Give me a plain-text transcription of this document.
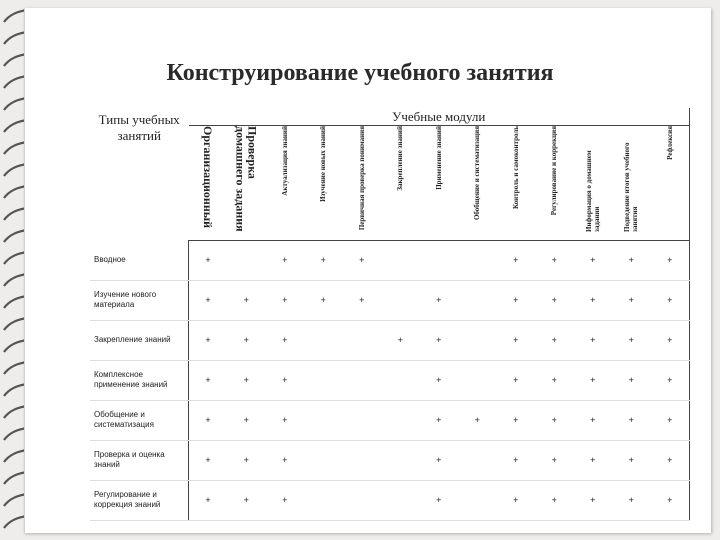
Конструирование учебного занятия
Типы учебных занятий	Учебные модули												

	Организационный	Проверка домашнего задания	Актуализация знаний	Изучение новых знаний	Первичная проверка понимания	Закрепление знаний	Применение знаний	Обобщение и систематизация	Контроль и самоконтроль	Регулирование и коррекция	Информация о домашнем задании	Подведение итогов учебного занятия	Рефлексия

Вводное	+		+	+	+				+	+	+	+	+
Изучение нового материала	+	+	+	+	+		+		+	+	+	+	+
Закрепление знаний	+	+	+			+	+		+	+	+	+	+
Комплексное применение знаний	+	+	+				+		+	+	+	+	+
Обобщение и систематизация	+	+	+				+	+	+	+	+	+	+
Проверка и оценка знаний	+	+	+				+		+	+	+	+	+
Регулирование и коррекция знаний	+	+	+				+		+	+	+	+	+
